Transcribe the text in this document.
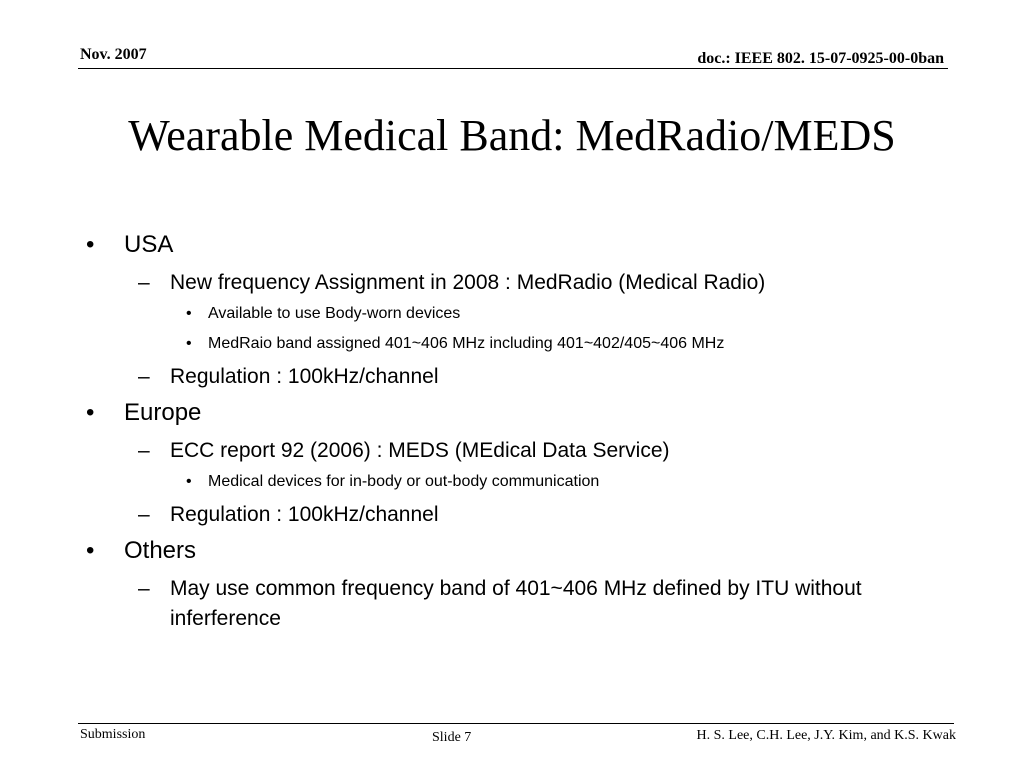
Nov. 2007	doc.: IEEE 802. 15-07-0925-00-0ban
Wearable Medical Band: MedRadio/MEDS
• USA
– New frequency Assignment in 2008 : MedRadio (Medical Radio)
• Available to use Body-worn devices
• MedRaio band assigned 401~406 MHz including 401~402/405~406 MHz
– Regulation : 100kHz/channel
• Europe
– ECC report 92 (2006) : MEDS (MEdical Data Service)
• Medical devices for in-body or out-body communication
– Regulation : 100kHz/channel
• Others
– May use common frequency band of 401~406 MHz defined by ITU without inferference
Submission	Slide 7	H. S. Lee, C.H. Lee, J.Y. Kim, and K.S. Kwak
